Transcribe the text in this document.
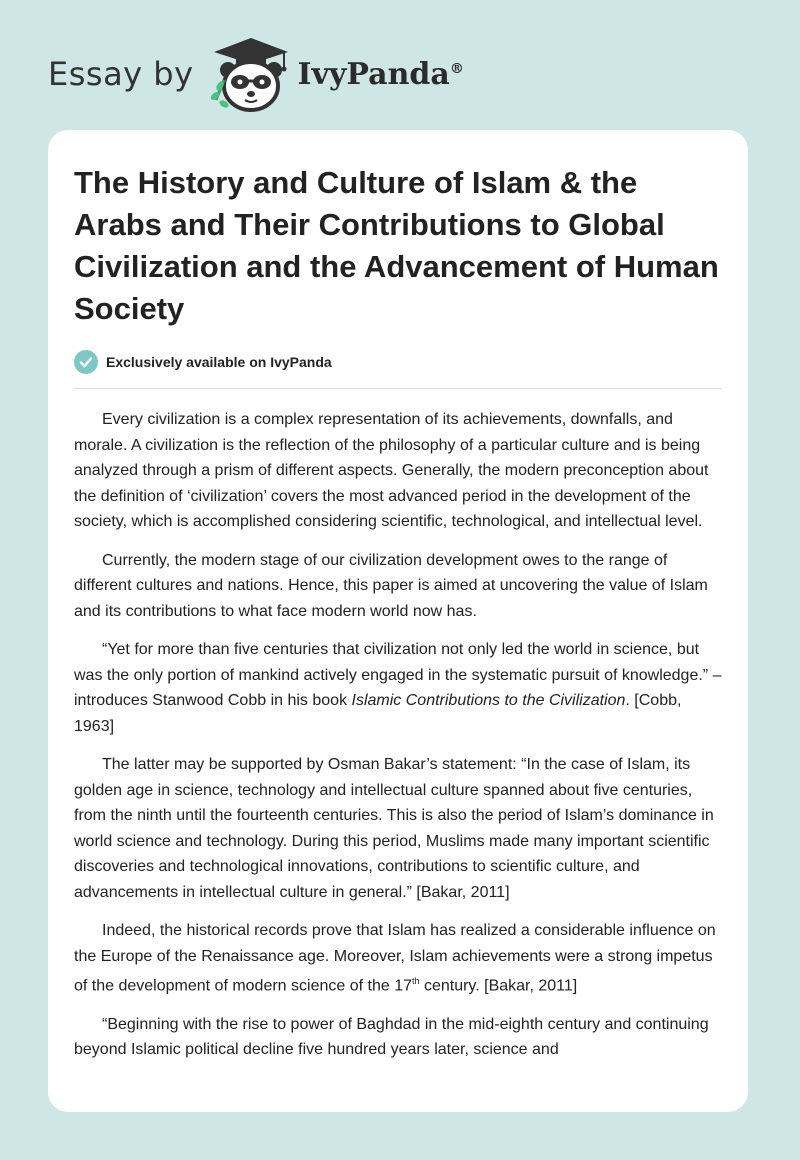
Essay by	IvyPanda®
The History and Culture of Islam & the Arabs and Their Contributions to Global Civilization and the Advancement of Human Society
Exclusively available on IvyPanda

Every civilization is a complex representation of its achievements, downfalls, and morale. A civilization is the reflection of the philosophy of a particular culture and is being analyzed through a prism of different aspects. Generally, the modern preconception about the definition of ‘civilization’ covers the most advanced period in the development of the society, which is accomplished considering scientific, technological, and intellectual level.

Currently, the modern stage of our civilization development owes to the range of different cultures and nations. Hence, this paper is aimed at uncovering the value of Islam and its contributions to what face modern world now has.

“Yet for more than five centuries that civilization not only led the world in science, but was the only portion of mankind actively engaged in the systematic pursuit of knowledge.” – introduces Stanwood Cobb in his book Islamic Contributions to the Civilization. [Cobb, 1963]

The latter may be supported by Osman Bakar’s statement: “In the case of Islam, its golden age in science, technology and intellectual culture spanned about five centuries, from the ninth until the fourteenth centuries. This is also the period of Islam’s dominance in world science and technology. During this period, Muslims made many important scientific discoveries and technological innovations, contributions to scientific culture, and advancements in intellectual culture in general.” [Bakar, 2011]

Indeed, the historical records prove that Islam has realized a considerable influence on the Europe of the Renaissance age. Moreover, Islam achievements were a strong impetus of the development of modern science of the 17th century. [Bakar, 2011]

“Beginning with the rise to power of Baghdad in the mid-eighth century and continuing beyond Islamic political decline five hundred years later, science and
